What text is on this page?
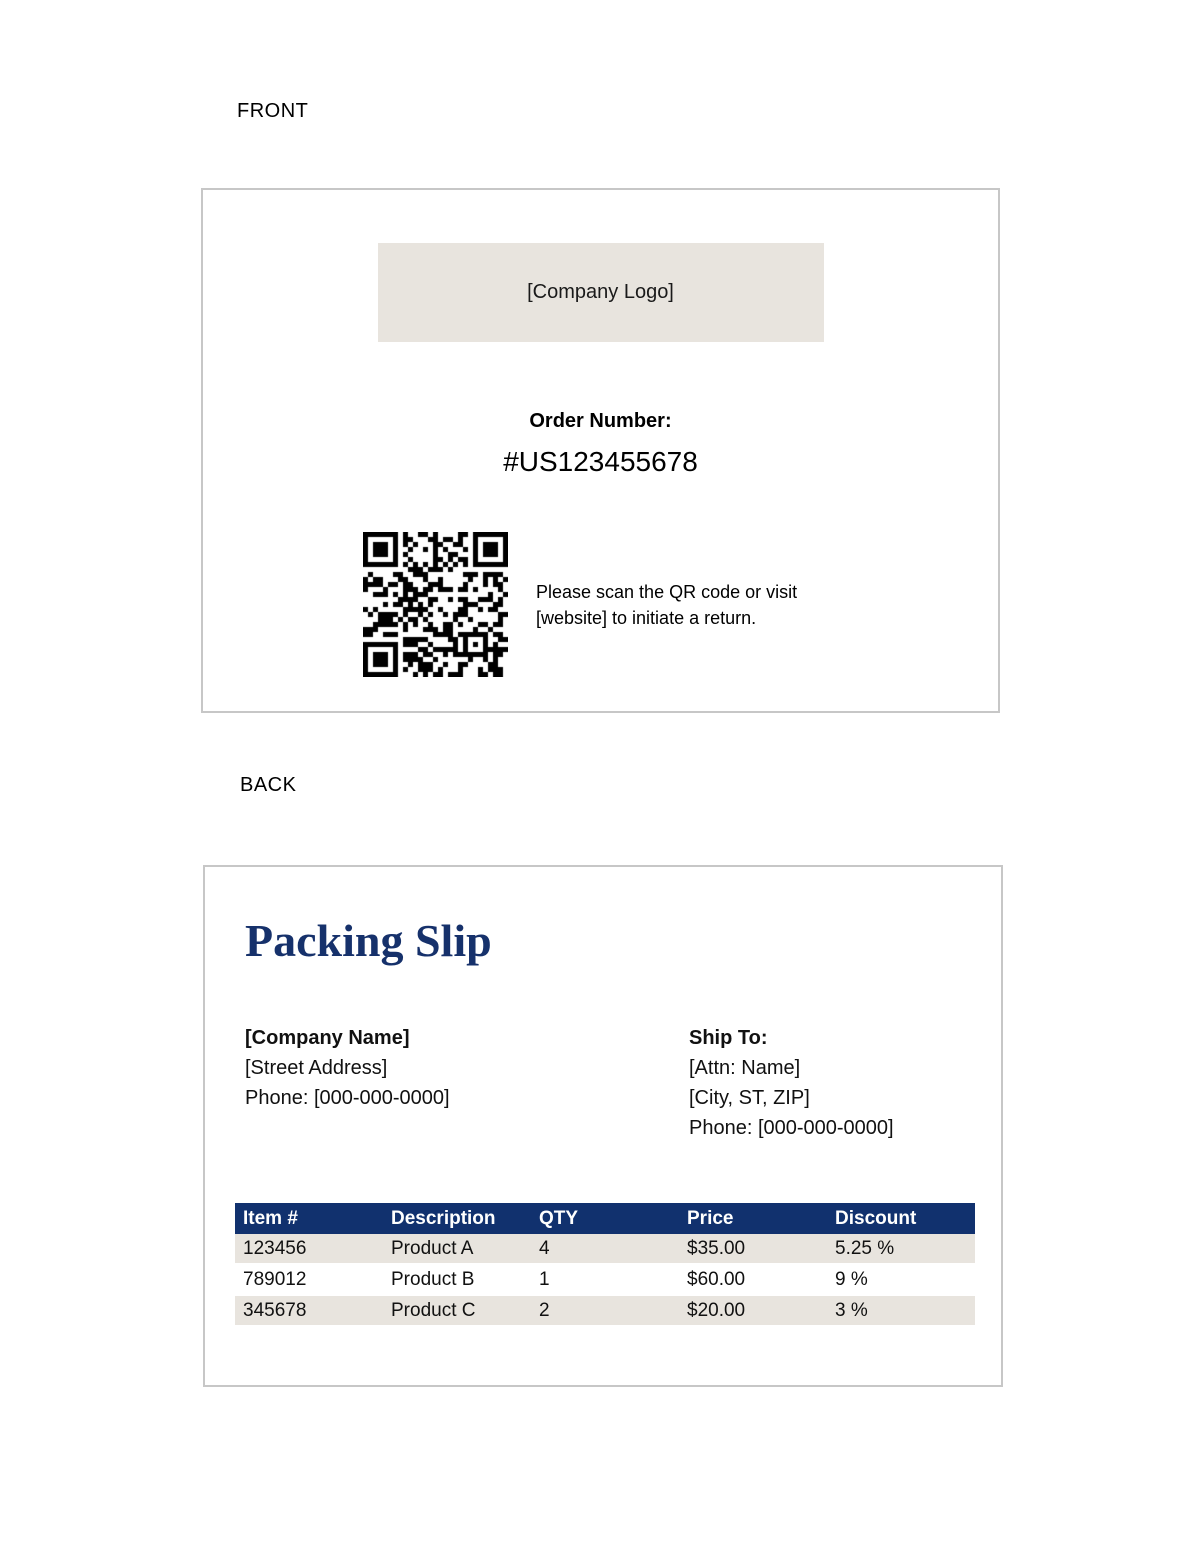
FRONT
[Company Logo]
Order Number:
#US123455678
Please scan the QR code or visit
[website] to initiate a return.
BACK
Packing Slip
[Company Name]
[Street Address]
Phone: [000-000-0000]
Ship To:
[Attn: Name]
[City, ST, ZIP]
Phone: [000-000-0000]
Item #	Description	QTY	Price	Discount
123456	Product A	4	$35.00	5.25 %
789012	Product B	1	$60.00	9 %
345678	Product C	2	$20.00	3 %
